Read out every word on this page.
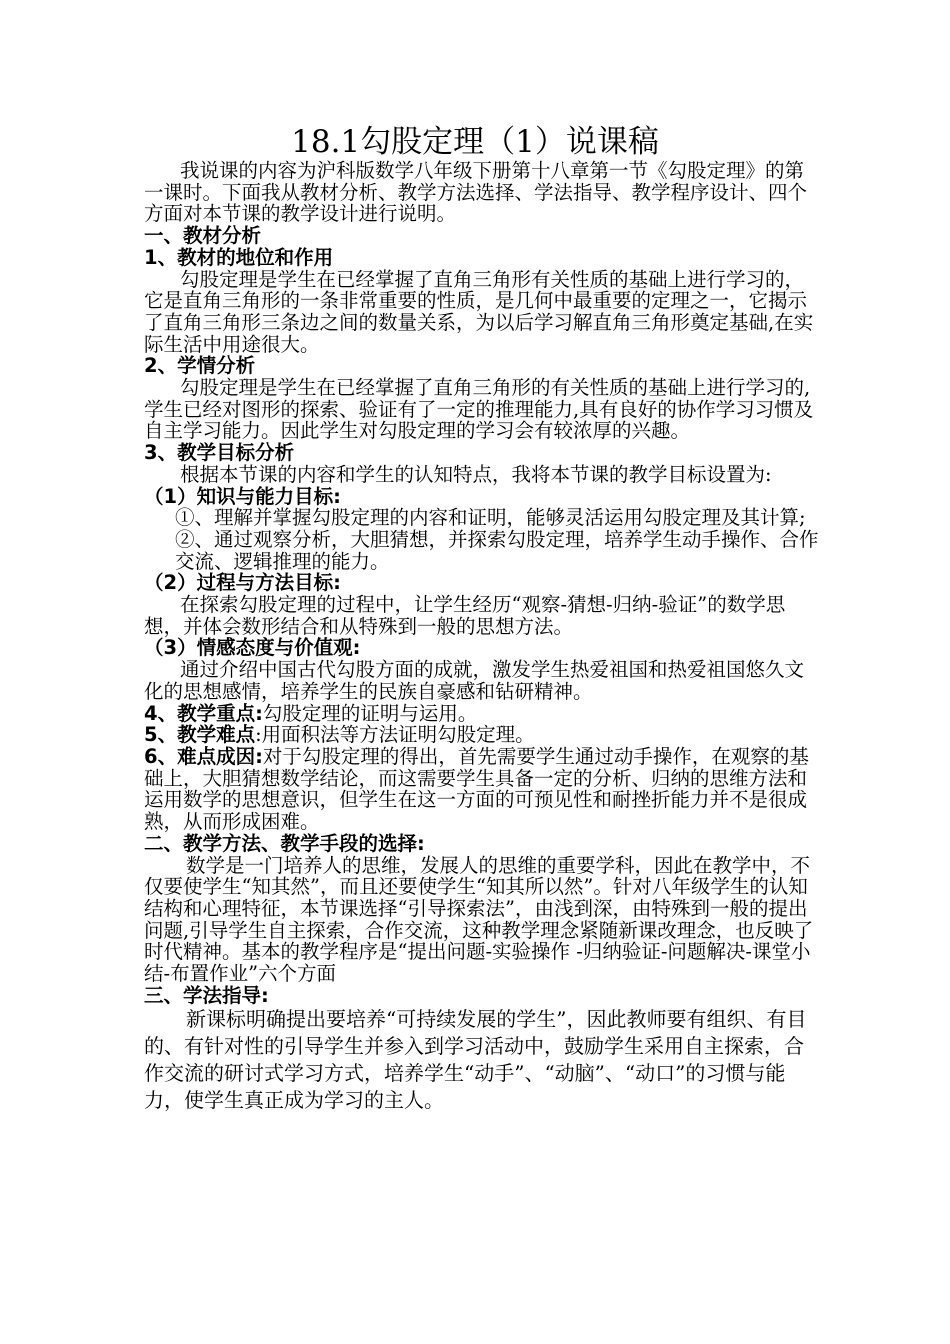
18.1勾股定理（1）说课稿

我说课的内容为沪科版数学八年级下册第十八章第一节《勾股定理》的第一课时。下面我从教材分析、教学方法选择、学法指导、教学程序设计、四个方面对本节课的教学设计进行说明。

一、教材分析

1、教材的地位和作用

勾股定理是学生在已经掌握了直角三角形有关性质的基础上进行学习的，它是直角三角形的一条非常重要的性质，是几何中最重要的定理之一，它揭示了直角三角形三条边之间的数量关系，为以后学习解直角三角形奠定基础,在实际生活中用途很大。

2、学情分析

勾股定理是学生在已经掌握了直角三角形的有关性质的基础上进行学习的,学生已经对图形的探索、验证有了一定的推理能力,具有良好的协作学习习惯及自主学习能力。因此学生对勾股定理的学习会有较浓厚的兴趣。

3、教学目标分析

根据本节课的内容和学生的认知特点，我将本节课的教学目标设置为:

（1）知识与能力目标:

①、理解并掌握勾股定理的内容和证明，能够灵活运用勾股定理及其计算;

②、通过观察分析，大胆猜想，并探索勾股定理，培养学生动手操作、合作交流、逻辑推理的能力。

（2）过程与方法目标:

在探索勾股定理的过程中，让学生经历“观察-猜想-归纳-验证”的数学思想，并体会数形结合和从特殊到一般的思想方法。

（3）情感态度与价值观:

通过介绍中国古代勾股方面的成就，激发学生热爱祖国和热爱祖国悠久文化的思想感情，培养学生的民族自豪感和钻研精神。

4、教学重点:勾股定理的证明与运用。

5、教学难点:用面积法等方法证明勾股定理。

6、难点成因:对于勾股定理的得出，首先需要学生通过动手操作，在观察的基础上，大胆猜想数学结论，而这需要学生具备一定的分析、归纳的思维方法和运用数学的思想意识，但学生在这一方面的可预见性和耐挫折能力并不是很成熟，从而形成困难。

二、教学方法、教学手段的选择:

数学是一门培养人的思维，发展人的思维的重要学科，因此在教学中，不仅要使学生“知其然”，而且还要使学生“知其所以然”。针对八年级学生的认知结构和心理特征，本节课选择“引导探索法”，由浅到深，由特殊到一般的提出问题,引导学生自主探索，合作交流，这种教学理念紧随新课改理念，也反映了时代精神。基本的教学程序是“提出问题-实验操作 -归纳验证-问题解决-课堂小结-布置作业”六个方面

三、学法指导:

新课标明确提出要培养“可持续发展的学生”，因此教师要有组织、有目的、有针对性的引导学生并参入到学习活动中，鼓励学生采用自主探索，合作交流的研讨式学习方式，培养学生“动手”、“动脑”、“动口”的习惯与能力，使学生真正成为学习的主人。
